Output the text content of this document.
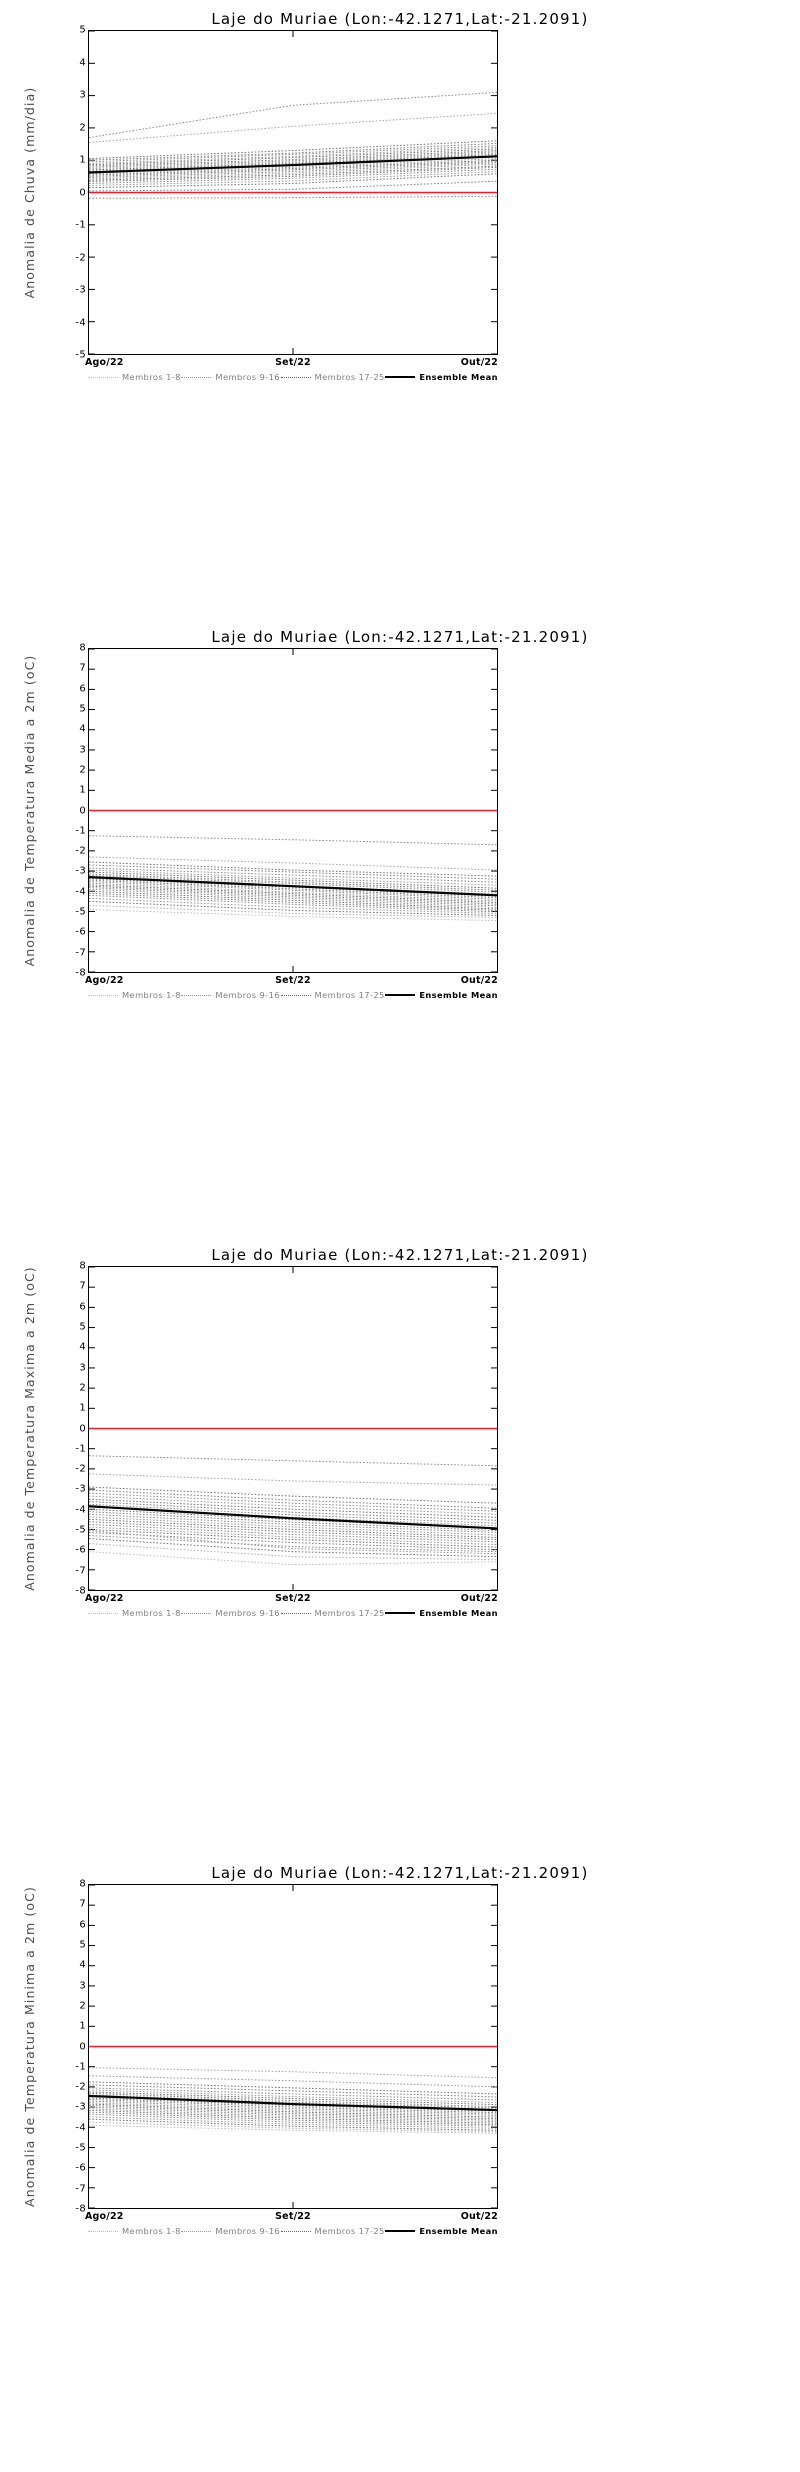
Laje do Muriae (Lon:-42.1271,Lat:-21.2091)
Anomalia de Chuva (mm/dia)
-5
-4
-3
-2
-1
0
1
2
3
4
5
Ago/22	Set/22	Out/22
Membros 1-8	Membros 9-16	Membros 17-25	Ensemble Mean
Laje do Muriae (Lon:-42.1271,Lat:-21.2091)
Anomalia de Temperatura Media a 2m (oC)
-8
-7
-6
-5
-4
-3
-2
-1
0
1
2
3
4
5
6
7
8
Ago/22	Set/22	Out/22
Membros 1-8	Membros 9-16	Membros 17-25	Ensemble Mean
Laje do Muriae (Lon:-42.1271,Lat:-21.2091)
Anomalia de Temperatura Maxima a 2m (oC)
-8
-7
-6
-5
-4
-3
-2
-1
0
1
2
3
4
5
6
7
8
Ago/22	Set/22	Out/22
Membros 1-8	Membros 9-16	Membros 17-25	Ensemble Mean
Laje do Muriae (Lon:-42.1271,Lat:-21.2091)
Anomalia de Temperatura Minima a 2m (oC)
-8
-7
-6
-5
-4
-3
-2
-1
0
1
2
3
4
5
6
7
8
Ago/22	Set/22	Out/22
Membros 1-8	Membros 9-16	Membros 17-25	Ensemble Mean
